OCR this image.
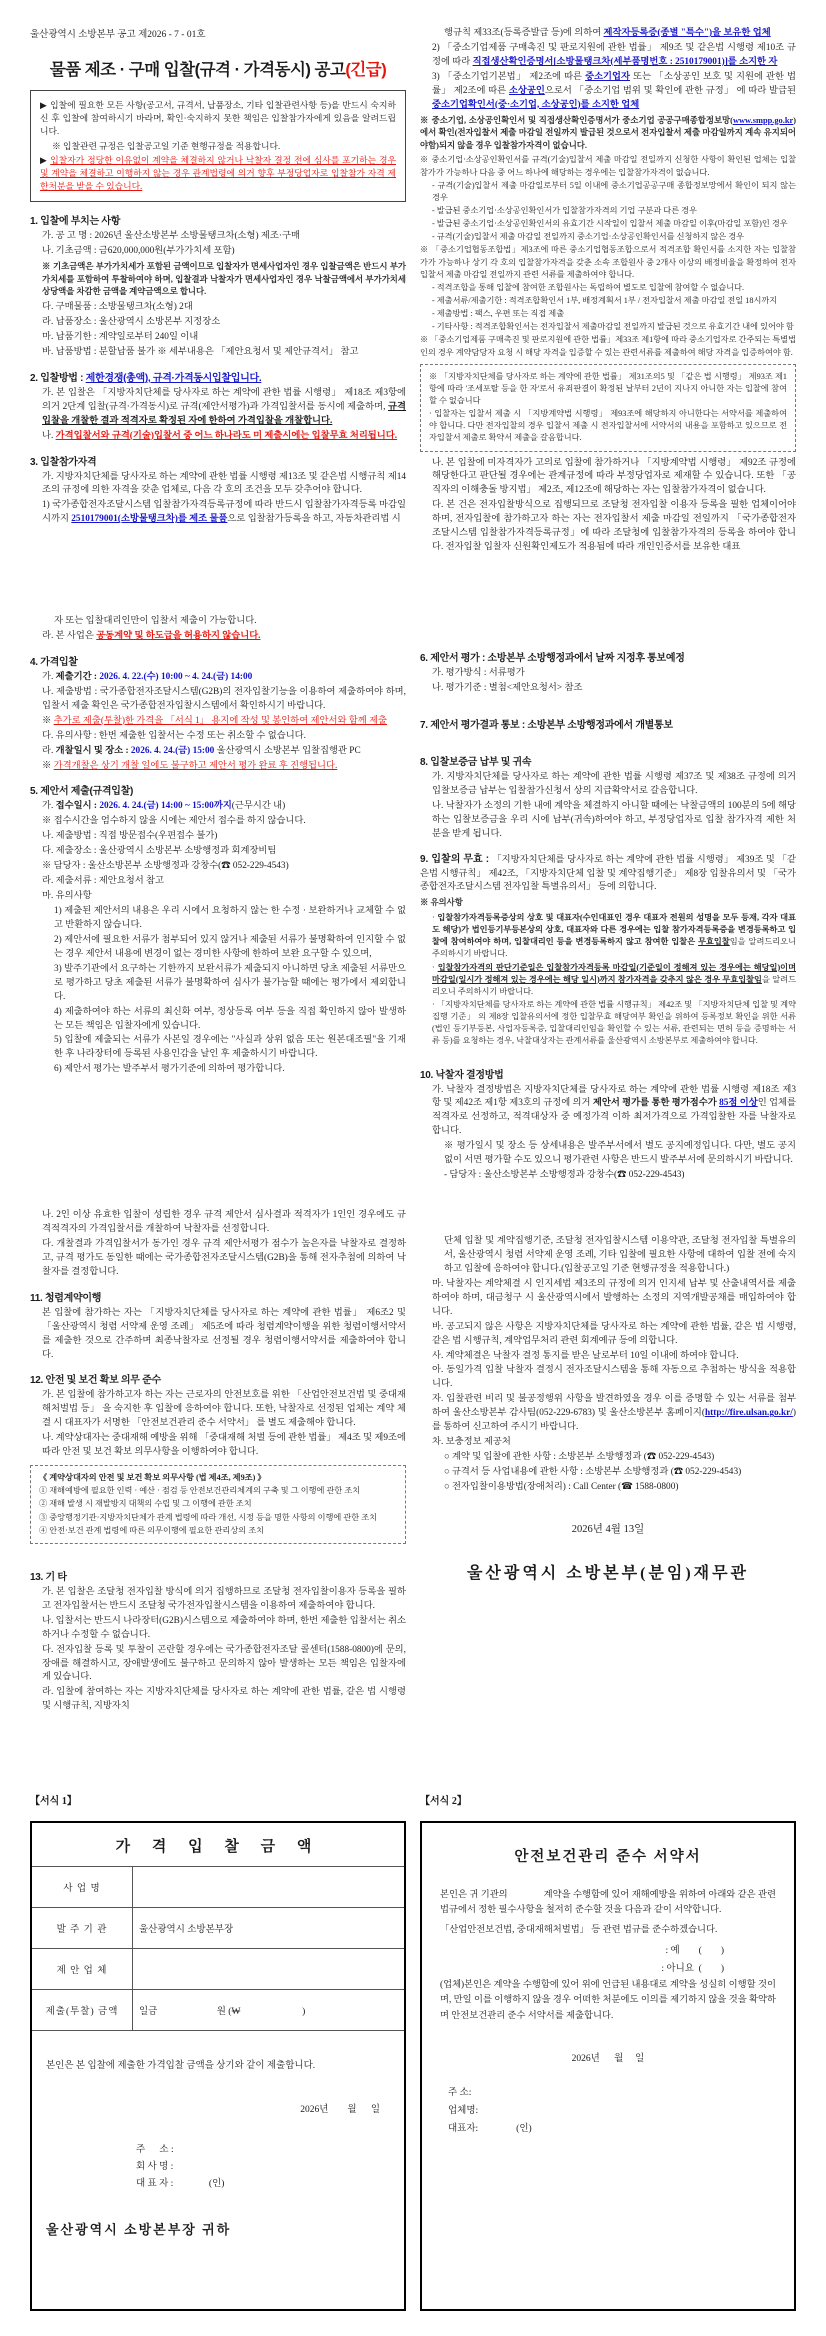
울산광역시 소방본부 공고 제2026 - 7 - 01호
물품 제조 · 구매 입찰(규격 · 가격동시) 공고(긴급)
▶ 입찰에 필요한 모든 사항(공고서, 규격서, 납품장소, 기타 입찰관련사항 등)을 반드시 숙지하신 후 입찰에 참여하시기 바라며, 확인·숙지하지 못한 책임은 입찰참가자에게 있음을 알려드립니다.
※ 입찰관련 규정은 입찰공고일 기준 현행규정을 적용합니다.
▶ 입찰자가 정당한 이유없이 계약을 체결하지 않거나 낙찰자 결정 전에 심사를 포기하는 경우 및 계약을 체결하고 이행하지 않는 경우 관계법령에 의거 향후 부정당업자로 입찰참가 자격 제한처분을 받을 수 있습니다.
1. 입찰에 부치는 사항
가. 공 고 명 : 2026년 울산소방본부 소방물탱크차(소형) 제조·구매
나. 기초금액 : 금620,000,000원(부가가치세 포함)
※ 기초금액은 부가가치세가 포함된 금액이므로 입찰자가 면세사업자인 경우 입찰금액은 반드시 부가가치세를 포함하여 투찰하여야 하며, 입찰결과 낙찰자가 면세사업자인 경우 낙찰금액에서 부가가치세 상당액을 차감한 금액을 계약금액으로 합니다.
다. 구매물품 : 소방물탱크차(소형) 2대
라. 납품장소 : 울산광역시 소방본부 지정장소
마. 납품기한 : 계약일로부터 240일 이내
바. 납품방법 : 분할납품 불가 ※ 세부내용은 「제안요청서 및 제안규격서」 참고
2. 입찰방법 : 제한경쟁(총액), 규격·가격동시입찰입니다.
가. 본 입찰은 「지방자치단체를 당사자로 하는 계약에 관한 법률 시행령」 제18조 제3항에 의거 2단계 입찰(규격·가격동시)로 규격(제안서평가)과 가격입찰서를 동시에 제출하며, 규격입찰을 개찰한 결과 적격자로 확정된 자에 한하여 가격입찰을 개찰합니다.
나. 가격입찰서와 규격(기술)입찰서 중 어느 하나라도 미 제출시에는 입찰무효 처리됩니다.
3. 입찰참가자격
가. 지방자치단체를 당사자로 하는 계약에 관한 법률 시행령 제13조 및 같은법 시행규칙 제14조의 규정에 의한 자격을 갖춘 업체로, 다음 각 호의 조건을 모두 갖추어야 합니다.
1) 국가종합전자조달시스템 입찰참가자격등록규정에 따라 반드시 입찰참가자격등록 마감일시까지 2510179001(소방물탱크차)를 제조 물품으로 입찰참가등록을 하고, 자동차관리법 시
행규칙 제33조(등록증발급 등)에 의하여 제작자등록증(종별 "특수")을 보유한 업체
2) 「중소기업제품 구매촉진 및 판로지원에 관한 법률」 제9조 및 같은법 시행령 제10조 규정에 따라 직접생산확인증명서[소방물탱크차(세부품명번호 : 2510179001)]를 소지한 자
3) 「중소기업기본법」 제2조에 따른 중소기업자 또는 「소상공인 보호 및 지원에 관한 법률」 제2조에 따른 소상공인으로서 「중소기업 범위 및 확인에 관한 규정」 에 따라 발급된 중소기업확인서(중·소기업, 소상공인)를 소지한 업체
※ 중소기업, 소상공인확인서 및 직접생산확인증명서가 중소기업 공공구매종합정보망(www.smpp.go.kr)에서 확인(전자입찰서 제출 마감일 전일까지 발급된 것으로서 전자입찰서 제출 마감일까지 계속 유지되어야함)되지 않을 경우 입찰참가자격이 없습니다.
※ 중소기업·소상공인확인서를 규격(기술)입찰서 제출 마감일 전일까지 신청한 사항이 확인된 업체는 입찰참가가 가능하나 다음 중 어느 하나에 해당하는 경우에는 입찰참가자격이 없습니다.
- 규격(기술)입찰서 제출 마감일로부터 5일 이내에 중소기업공공구매 종합정보망에서 확인이 되지 않는 경우
- 발급된 중소기업·소상공인확인서가 입찰참가자격의 기업 구분과 다른 경우
- 발급된 중소기업·소상공인확인서의 유효기간 시작일이 입찰서 제출 마감일 이후(마감일 포함)인 경우
- 규격(기술)입찰서 제출 마감일 전일까지 중소기업·소상공인확인서를 신청하지 않은 경우
※ 「중소기업협동조합법」제3조에 따른 중소기업협동조합으로서 적격조합 확인서를 소지한 자는 입찰참가가 가능하나 상기 각 호의 입찰참가자격을 갖춘 소속 조합원사 중 2개사 이상의 배정비율을 확정하여 전자입찰서 제출 마감일 전일까지 관련 서류를 제출하여야 합니다.
- 적격조합을 통해 입찰에 참여한 조합원사는 독립하여 별도로 입찰에 참여할 수 없습니다.
- 제출서류/제출기한 : 적격조합확인서 1부, 배정계획서 1부 / 전자입찰서 제출 마감일 전일 18시까지
- 제출방법 : 팩스, 우편 또는 직접 제출
- 기타사항 : 적격조합확인서는 전자입찰서 제출마감일 전일까지 발급된 것으로 유효기간 내에 있어야 함
※ 「중소기업제품 구매촉진 및 판로지원에 관한 법률」제33조 제1항에 따라 중소기업자로 간주되는 특별법인의 경우 계약담당자 요청 시 해당 자격을 입증할 수 있는 관련서류를 제출하여 해당 자격을 입증하여야 함.
※ 「지방자치단체를 당사자로 하는 계약에 관한 법률」 제31조의5 및 「같은 법 시행령」 제93조 제1항에 따라 '조세포탈 등을 한 자'로서 유죄판결이 확정된 날부터 2년이 지나지 아니한 자는 입찰에 참여할 수 없습니다
· 입찰자는 입찰서 제출 시 「지방계약법 시행령」 제93조에 해당하지 아니한다는 서약서를 제출하여야 합니다. 다만 전자입찰의 경우 입찰서 제출 시 전자입찰서에 서약서의 내용을 포함하고 있으므로 전자입찰서 제출로 확약서 제출을 갈음합니다.
나. 본 입찰에 미자격자가 고의로 입찰에 참가하거나 「지방계약법 시행령」 제92조 규정에 해당한다고 판단될 경우에는 관계규정에 따라 부정당업자로 제재할 수 있습니다. 또한 「공직자의 이해충돌 방지법」 제2조, 제12조에 해당하는 자는 입찰참가자격이 없습니다.
다. 본 건은 전자입찰방식으로 집행되므로 조달청 전자입찰 이용자 등록을 필한 업체이어야 하며, 전자입찰에 참가하고자 하는 자는 전자입찰서 제출 마감일 전일까지 「국가종합전자조달시스템 입찰참가자격등록규정」에 따라 조달청에 입찰참가자격의 등록을 하여야 합니다. 전자입찰 입찰자 신원확인제도가 적용됨에 따라 개인인증서를 보유한 대표
자 또는 입찰대리인만이 입찰서 제출이 가능합니다.
라. 본 사업은 공동계약 및 하도급을 허용하지 않습니다.
4. 가격입찰
가. 제출기간 : 2026. 4. 22.(수) 10:00 ~ 4. 24.(금) 14:00
나. 제출방법 : 국가종합전자조달시스템(G2B)의 전자입찰기능을 이용하여 제출하여야 하며, 입찰서 제출 확인은 국가종합전자입찰시스템에서 확인하시기 바랍니다.
※ 추가로 제출(투찰)한 가격을 「서식 1」 용지에 작성 및 봉인하여 제안서와 함께 제출
다. 유의사항 : 한번 제출한 입찰서는 수정 또는 취소할 수 없습니다.
라. 개찰일시 및 장소 : 2026. 4. 24.(금) 15:00 울산광역시 소방본부 입찰집행관 PC
※ 가격개찰은 상기 개찰 일에도 불구하고 제안서 평가 완료 후 진행됩니다.
5. 제안서 제출(규격입찰)
가. 접수일시 : 2026. 4. 24.(금) 14:00 ~ 15:00까지(근무시간 내)
※ 접수시간을 엄수하지 않을 시에는 제안서 접수를 하지 않습니다.
나. 제출방법 : 직접 방문접수(우편접수 불가)
다. 제출장소 : 울산광역시 소방본부 소방행정과 회계장비팀
※ 담당자 : 울산소방본부 소방행정과 강창수(☎ 052-229-4543)
라. 제출서류 : 제안요청서 참고
마. 유의사항
1) 제출된 제안서의 내용은 우리 시에서 요청하지 않는 한 수정 · 보완하거나 교체할 수 없고 반환하지 않습니다.
2) 제안서에 필요한 서류가 첨부되어 있지 않거나 제출된 서류가 불명확하여 인지할 수 없는 경우 제안서 내용에 변경이 없는 경미한 사항에 한하여 보완 요구할 수 있으며,
3) 발주기관에서 요구하는 기한까지 보완서류가 제출되지 아니하면 당초 제출된 서류만으로 평가하고 당초 제출된 서류가 불명확하여 심사가 불가능할 때에는 평가에서 제외합니다.
4) 제출하여야 하는 서류의 최신화 여부, 정상등록 여부 등을 직접 확인하지 않아 발생하는 모든 책임은 입찰자에게 있습니다.
5) 입찰에 제출되는 서류가 사본일 경우에는 "사실과 상위 없음 또는 원본대조필"을 기재한 후 나라장터에 등록된 사용인감을 날인 후 제출하시기 바랍니다.
6) 제안서 평가는 발주부서 평가기준에 의하여 평가합니다.
6. 제안서 평가 : 소방본부 소방행정과에서 날짜 지정후 통보예정
가. 평가방식 : 서류평가
나. 평가기준 : 별첨<제안요청서> 참조
7. 제안서 평가결과 통보 : 소방본부 소방행정과에서 개별통보
8. 입찰보증금 납부 및 귀속
가. 지방자치단체를 당사자로 하는 계약에 관한 법률 시행령 제37조 및 제38조 규정에 의거 입찰보증금 납부는 입찰참가신청서 상의 지급확약서로 갈음합니다.
나. 낙찰자가 소정의 기한 내에 계약을 체결하지 아니할 때에는 낙찰금액의 100분의 5에 해당하는 입찰보증금을 우리 시에 납부(귀속)하여야 하고, 부정당업자로 입찰 참가자격 제한 처분을 받게 됩니다.
9. 입찰의 무효 : 「지방자치단체를 당사자로 하는 계약에 관한 법률 시행령」 제39조 및 「같은법 시행규칙」 제42조, 「지방자치단체 입찰 및 계약집행기준」 제8장 입찰유의서 및 「국가종합전자조달시스템 전자입찰 특별유의서」 등에 의합니다.
※ 유의사항
· 입찰참가자격등록증상의 상호 및 대표자(수인대표인 경우 대표자 전원의 성명을 모두 등재, 각자 대표도 해당)가 법인등기부등본상의 상호, 대표자와 다른 경우에는 입찰 참가자격등록증을 변경등록하고 입찰에 참여하여야 하며, 입찰대리인 등을 변경등록하지 않고 참여한 입찰은 무효입찰임을 알려드리오니 주의하시기 바랍니다.
· 입찰참가자격의 판단기준일은 입찰참가자격등록 마감일(기준일이 정해져 있는 경우에는 해당일)이며 마감일(일시가 정해져 있는 경우에는 해당 일시)까지 참가자격을 갖추지 않은 경우 무효입찰임을 알려드리오니 주의하시기 바랍니다.
· 「지방자치단체를 당사자로 하는 계약에 관한 법률 시행규칙」 제42조 및 「지방자치단체 입찰 및 계약 집행 기준」 의 제8장 입찰유의서에 정한 입찰무효 해당여부 확인을 위하여 등록정보 확인을 위한 서류(법인 등기부등본, 사업자등록증, 입찰대리인임을 확인할 수 있는 서류, 관련되는 면허 등을 증명하는 서류 등)를 요청하는 경우, 낙찰대상자는 관계서류를 울산광역시 소방본부로 제출하여야 합니다.
10. 낙찰자 결정방법
가. 낙찰자 결정방법은 지방자치단체를 당사자로 하는 계약에 관한 법률 시행령 제18조 제3항 및 제42조 제1항 제3호의 규정에 의거 제안서 평가를 통한 평가점수가 85점 이상인 업체를 적격자로 선정하고, 적격대상자 중 예정가격 이하 최저가격으로 가격입찰한 자를 낙찰자로 합니다.
※ 평가일시 및 장소 등 상세내용은 발주부서에서 별도 공지예정입니다. 다만, 별도 공지 없이 서면 평가할 수도 있으니 평가관련 사항은 반드시 발주부서에 문의하시기 바랍니다.
- 담당자 : 울산소방본부 소방행정과 강창수(☎ 052-229-4543)
나. 2인 이상 유효한 입찰이 성립한 경우 규격 제안서 심사결과 적격자가 1인인 경우에도 규격적격자의 가격입찰서를 개찰하여 낙찰자를 선정합니다.
다. 개찰결과 가격입찰서가 동가인 경우 규격 제안서평가 점수가 높은자를 낙찰자로 결정하고, 규격 평가도 동일한 때에는 국가종합전자조달시스템(G2B)을 통해 전자추첨에 의하여 낙찰자를 결정합니다.
11. 청렴계약이행
본 입찰에 참가하는 자는 「지방자치단체를 당사자로 하는 계약에 관한 법률」 제6조2 및 「울산광역시 청렴 서약제 운영 조례」 제5조에 따라 청렴계약이행을 위한 청렴이행서약서를 제출한 것으로 간주하며 최종낙찰자로 선정될 경우 청렴이행서약서를 제출하여야 합니다.
12. 안전 및 보건 확보 의무 준수
가. 본 입찰에 참가하고자 하는 자는 근로자의 안전보호를 위한 「산업안전보건법 및 중대재해처벌법 등」 을 숙지한 후 입찰에 응하여야 합니다. 또한, 낙찰자로 선정된 업체는 계약 체결 시 대표자가 서명한 「안전보건관리 준수 서약서」 를 별도 제출해야 합니다.
나. 계약상대자는 중대재해 예방을 위해 「중대재해 처벌 등에 관한 법률」 제4조 및 제9조에 따라 안전 및 보건 확보 의무사항을 이행하여야 합니다.
《 계약상대자의 안전 및 보건 확보 의무사항 (법 제4조, 제9조) 》
① 재해예방에 필요한 인력 · 예산 · 점검 등 안전보건관리체계의 구축 및 그 이행에 관한 조치
② 재해 발생 시 재발방지 대책의 수립 및 그 이행에 관한 조치
③ 중앙행정기관·지방자치단체가 관계 법령에 따라 개선, 시정 등을 명한 사항의 이행에 관한 조치
④ 안전·보건 관계 법령에 따른 의무이행에 필요한 관리상의 조치
13. 기 타
가. 본 입찰은 조달청 전자입찰 방식에 의거 집행하므로 조달청 전자입찰이용자 등록을 필하고 전자입찰서는 반드시 조달청 국가전자입찰시스템을 이용하여 제출하여야 합니다.
나. 입찰서는 반드시 나라장터(G2B)시스템으로 제출하여야 하며, 한번 제출한 입찰서는 취소하거나 수정할 수 없습니다.
다. 전자입찰 등록 및 투찰이 곤란할 경우에는 국가종합전자조달 콜센터(1588-0800)에 문의, 장애를 해결하시고, 장애발생에도 불구하고 문의하지 않아 발생하는 모든 책임은 입찰자에게 있습니다.
라. 입찰에 참여하는 자는 지방자치단체를 당사자로 하는 계약에 관한 법률, 같은 법 시행령 및 시행규칙, 지방자치
단체 입찰 및 계약집행기준, 조달청 전자입찰시스템 이용약관, 조달청 전자입찰 특별유의서, 울산광역시 청렴 서약제 운영 조례, 기타 입찰에 필요한 사항에 대하여 입찰 전에 숙지하고 입찰에 응하여야 합니다.(입찰공고일 기준 현행규정을 적용합니다.)
마. 낙찰자는 계약체결 시 인지세법 제3조의 규정에 의거 인지세 납부 및 산출내역서를 제출하여야 하며, 대금청구 시 울산광역시에서 발행하는 소정의 지역개발공채를 매입하여야 합니다.
바. 공고되지 않은 사항은 지방자치단체를 당사자로 하는 계약에 관한 법률, 같은 법 시행령, 같은 법 시행규칙, 계약업무처리 관련 회계예규 등에 의합니다.
사. 계약체결은 낙찰자 결정 통지를 받은 날로부터 10일 이내에 하여야 합니다.
아. 동일가격 입찰 낙찰자 결정시 전자조달시스템을 통해 자동으로 추첨하는 방식을 적용합니다.
자. 입찰관련 비리 및 불공정행위 사항을 발견하였을 경우 이를 증명할 수 있는 서류를 첨부하여 울산소방본부 감사팀(052-229-6783) 및 울산소방본부 홈페이지(http://fire.ulsan.go.kr/)를 통하여 신고하여 주시기 바랍니다.
차. 보충정보 제공처
○ 계약 및 입찰에 관한 사항 : 소방본부 소방행정과 (☎ 052-229-4543)
○ 규격서 등 사업내용에 관한 사항 : 소방본부 소방행정과 (☎ 052-229-4543)
○ 전자입찰이용방법(장애처리) : Call Center (☎ 1588-0800)
2026년 4월 13일
울산광역시 소방본부(분임)재무관
【서식 1】
가 격 입 찰 금 액
사 업 명	
발 주 기 관	울산광역시 소방본부장
제 안 업 체	
제출(투찰) 금액	일금                         원 (₩                          )

본인은 본 입찰에 제출한 가격입찰 금액을 상기와 같이 제출합니다.

2026년        월      일

주      소 :

회 사 명 :

대 표 자 :               (인)

울산광역시 소방본부장 귀하

【서식 2】
안전보건관리 준수 서약서

본인은 귀 기관의               계약을 수행함에 있어 재해예방을 위하여 아래와 같은 관련 법규에서 정한 필수사항을 철저히 준수할 것을 다음과 같이 서약합니다.

「산업안전보건법, 중대재해처벌법」 등 관련 법규를 준수하겠습니다.

: 예        (        )

: 아니요  (        )

(업체)본인은 계약을 수행함에 있어 위에 언급된 내용대로 계약을 성실히 이행할 것이며, 만일 이를 이행하지 않을 경우 어떠한 처분에도 이의를 제기하지 않을 것을 확약하며 안전보건관리 준수 서약서를 제출합니다.

2026년      월     일

주 소:

업체명:

대표자:                (인)
